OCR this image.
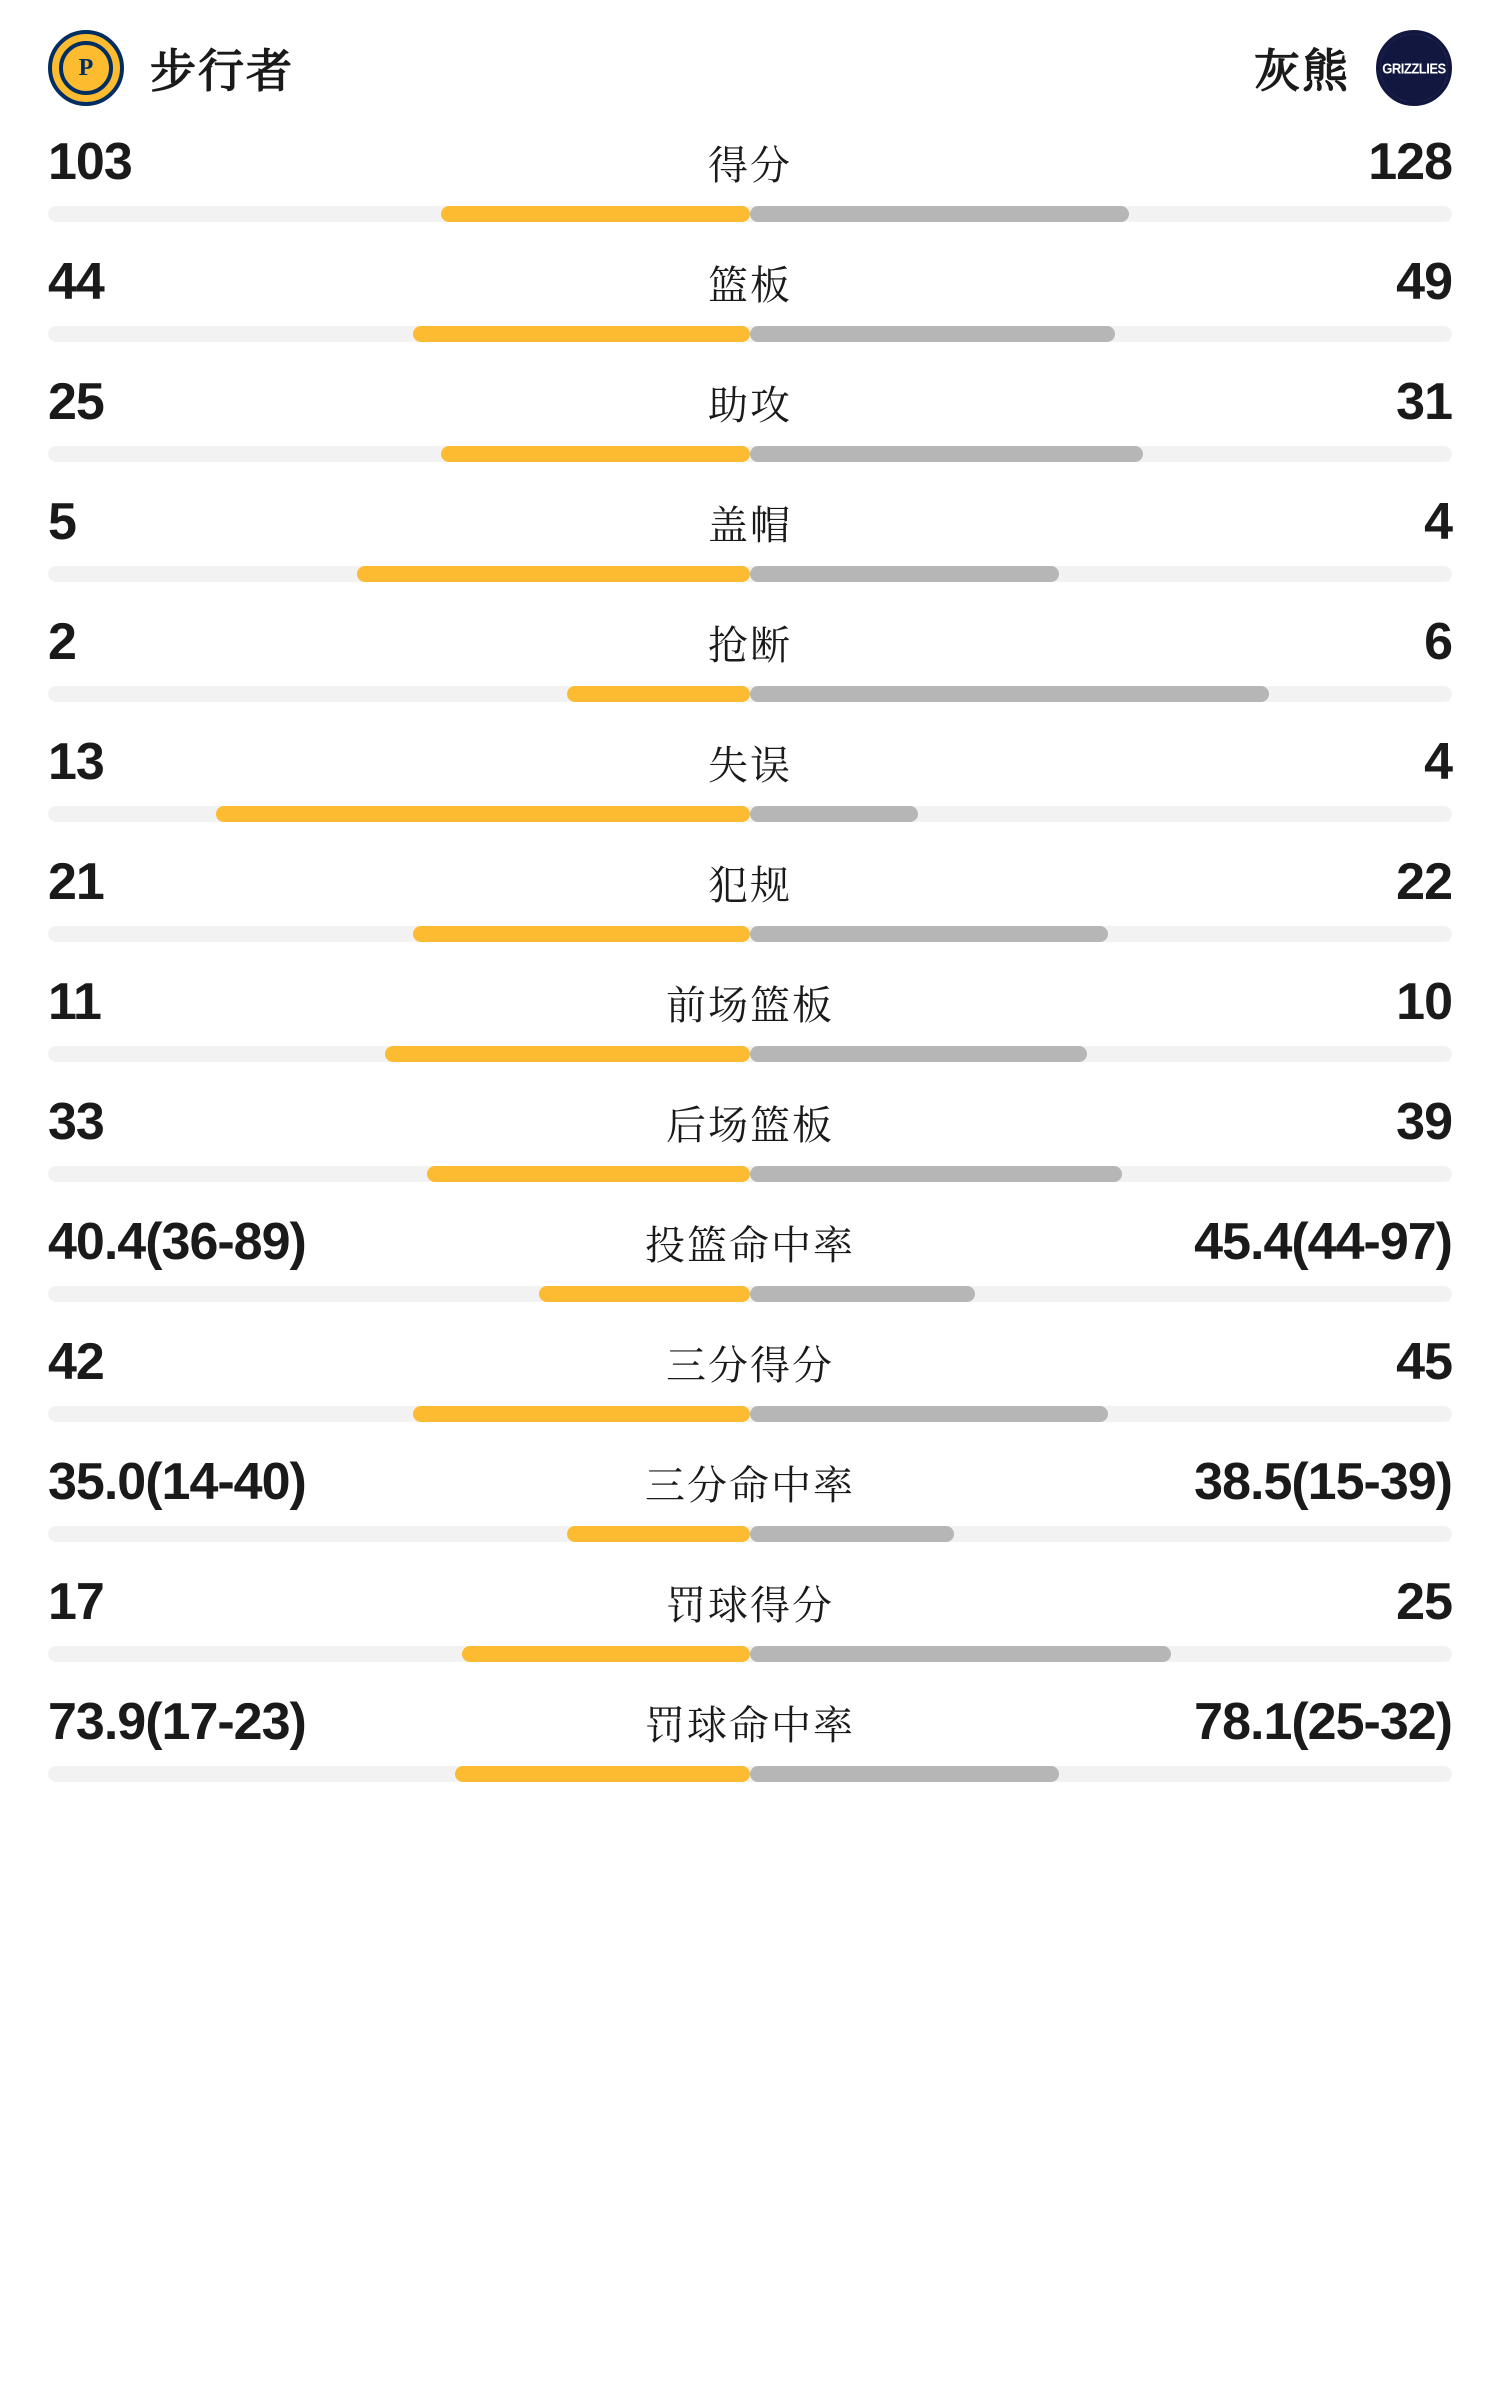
P	步行者	灰熊 GRIZZLIES
103	得分	128
44	篮板	49
25	助攻	31
5	盖帽	4
2	抢断	6
13	失误	4
21	犯规	22
11	前场篮板	10
33	后场篮板	39
40.4(36-89)	投篮命中率	45.4(44-97)
42	三分得分	45
35.0(14-40)	三分命中率	38.5(15-39)
17	罚球得分	25
73.9(17-23)	罚球命中率	78.1(25-32)
